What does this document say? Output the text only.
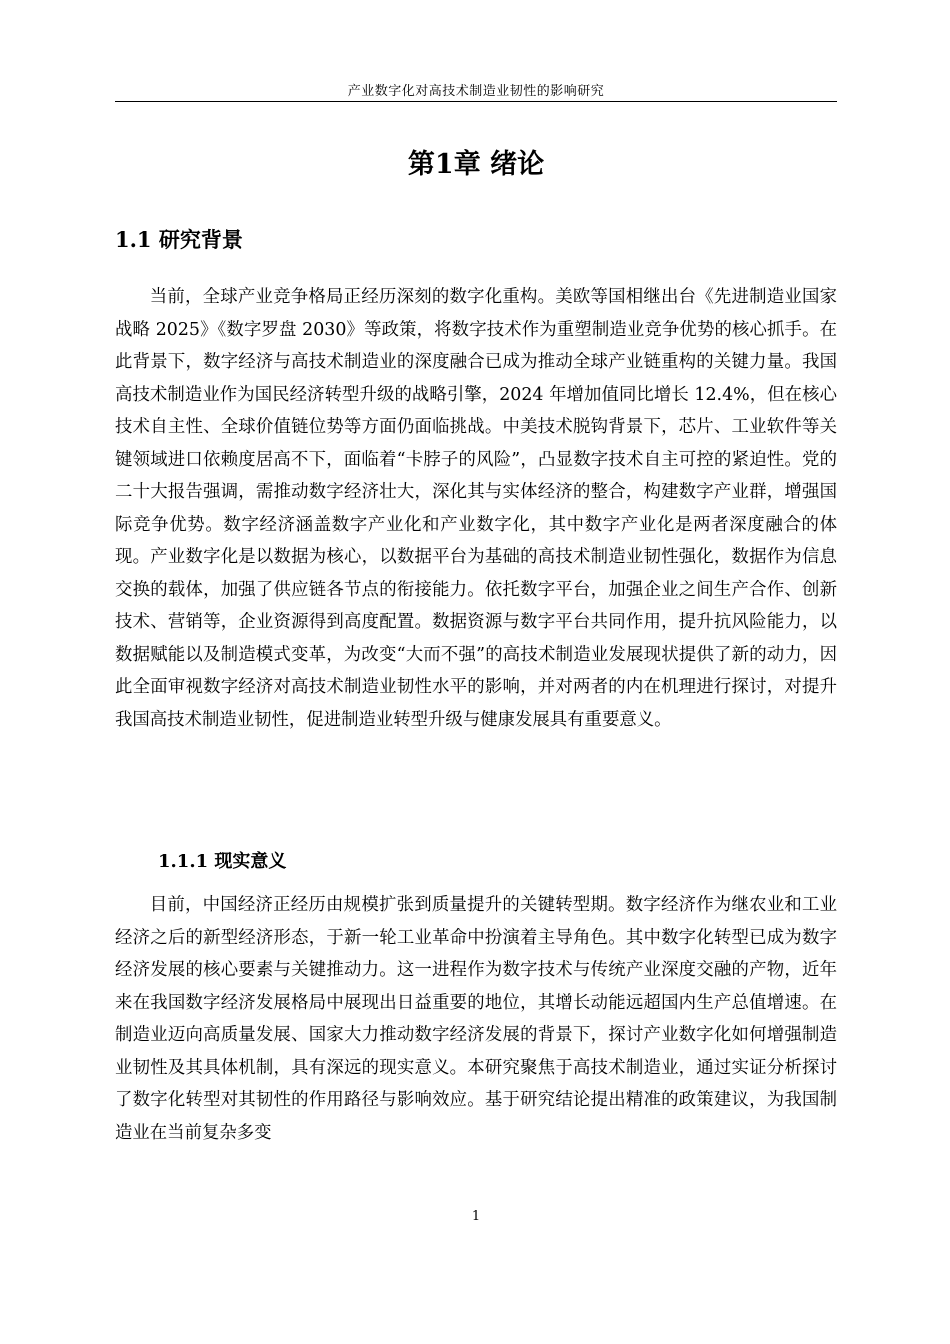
产业数字化对高技术制造业韧性的影响研究
第1章 绪论
1.1 研究背景

当前，全球产业竞争格局正经历深刻的数字化重构。美欧等国相继出台《先进制造业国家战略 2025》《数字罗盘 2030》等政策，将数字技术作为重塑制造业竞争优势的核心抓手。在此背景下，数字经济与高技术制造业的深度融合已成为推动全球产业链重构的关键力量。我国高技术制造业作为国民经济转型升级的战略引擎，2024 年增加值同比增长 12.4%，但在核心技术自主性、全球价值链位势等方面仍面临挑战。中美技术脱钩背景下，芯片、工业软件等关键领域进口依赖度居高不下，面临着“卡脖子的风险”，凸显数字技术自主可控的紧迫性。党的二十大报告强调，需推动数字经济壮大，深化其与实体经济的整合，构建数字产业群，增强国际竞争优势。数字经济涵盖数字产业化和产业数字化，其中数字产业化是两者深度融合的体现。产业数字化是以数据为核心，以数据平台为基础的高技术制造业韧性强化，数据作为信息交换的载体，加强了供应链各节点的衔接能力。依托数字平台，加强企业之间生产合作、创新技术、营销等，企业资源得到高度配置。数据资源与数字平台共同作用，提升抗风险能力，以数据赋能以及制造模式变革，为改变“大而不强”的高技术制造业发展现状提供了新的动力，因此全面审视数字经济对高技术制造业韧性水平的影响，并对两者的内在机理进行探讨，对提升我国高技术制造业韧性，促进制造业转型升级与健康发展具有重要意义。

1.1.1 现实意义

目前，中国经济正经历由规模扩张到质量提升的关键转型期。数字经济作为继农业和工业经济之后的新型经济形态，于新一轮工业革命中扮演着主导角色。其中数字化转型已成为数字经济发展的核心要素与关键推动力。这一进程作为数字技术与传统产业深度交融的产物，近年来在我国数字经济发展格局中展现出日益重要的地位，其增长动能远超国内生产总值增速。在制造业迈向高质量发展、国家大力推动数字经济发展的背景下，探讨产业数字化如何增强制造业韧性及其具体机制，具有深远的现实意义。本研究聚焦于高技术制造业，通过实证分析探讨了数字化转型对其韧性的作用路径与影响效应。基于研究结论提出精准的政策建议，为我国制造业在当前复杂多变

1
